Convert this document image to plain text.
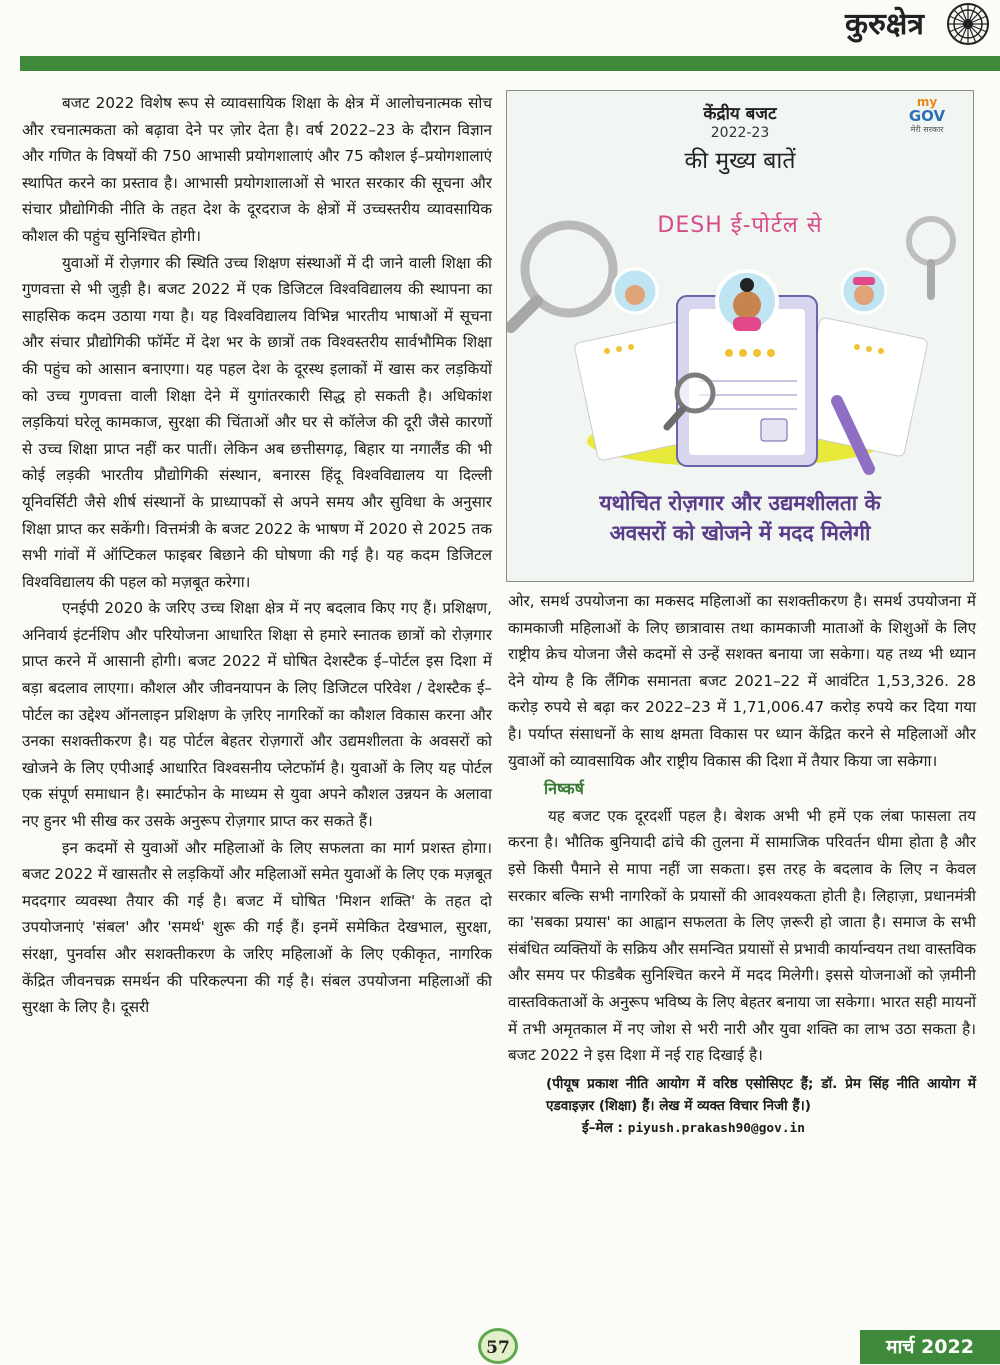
कुरुक्षेत्र

बजट 2022 विशेष रूप से व्यावसायिक शिक्षा के क्षेत्र में आलोचनात्मक सोच और रचनात्मकता को बढ़ावा देने पर ज़ोर देता है। वर्ष 2022–23 के दौरान विज्ञान और गणित के विषयों की 750 आभासी प्रयोगशालाएं और 75 कौशल ई–प्रयोगशालाएं स्थापित करने का प्रस्ताव है। आभासी प्रयोगशालाओं से भारत सरकार की सूचना और संचार प्रौद्योगिकी नीति के तहत देश के दूरदराज के क्षेत्रों में उच्चस्तरीय व्यावसायिक कौशल की पहुंच सुनिश्चित होगी।

युवाओं में रोज़गार की स्थिति उच्च शिक्षण संस्थाओं में दी जाने वाली शिक्षा की गुणवत्ता से भी जुड़ी है। बजट 2022 में एक डिजिटल विश्वविद्यालय की स्थापना का साहसिक कदम उठाया गया है। यह विश्वविद्यालय विभिन्न भारतीय भाषाओं में सूचना और संचार प्रौद्योगिकी फॉर्मेट में देश भर के छात्रों तक विश्वस्तरीय सार्वभौमिक शिक्षा की पहुंच को आसान बनाएगा। यह पहल देश के दूरस्थ इलाकों में खास कर लड़कियों को उच्च गुणवत्ता वाली शिक्षा देने में युगांतरकारी सिद्ध हो सकती है। अधिकांश लड़कियां घरेलू कामकाज, सुरक्षा की चिंताओं और घर से कॉलेज की दूरी जैसे कारणों से उच्च शिक्षा प्राप्त नहीं कर पातीं। लेकिन अब छत्तीसगढ़, बिहार या नगालैंड की भी कोई लड़की भारतीय प्रौद्योगिकी संस्थान, बनारस हिंदू विश्वविद्यालय या दिल्ली यूनिवर्सिटी जैसे शीर्ष संस्थानों के प्राध्यापकों से अपने समय और सुविधा के अनुसार शिक्षा प्राप्त कर सकेंगी। वित्तमंत्री के बजट 2022 के भाषण में 2020 से 2025 तक सभी गांवों में ऑप्टिकल फाइबर बिछाने की घोषणा की गई है। यह कदम डिजिटल विश्वविद्यालय की पहल को मज़बूत करेगा।

एनईपी 2020 के जरिए उच्च शिक्षा क्षेत्र में नए बदलाव किए गए हैं। प्रशिक्षण, अनिवार्य इंटर्नशिप और परियोजना आधारित शिक्षा से हमारे स्नातक छात्रों को रोज़गार प्राप्त करने में आसानी होगी। बजट 2022 में घोषित देशस्टैक ई–पोर्टल इस दिशा में बड़ा बदलाव लाएगा। कौशल और जीवनयापन के लिए डिजिटल परिवेश / देशस्टैक ई–पोर्टल का उद्देश्य ऑनलाइन प्रशिक्षण के ज़रिए नागरिकों का कौशल विकास करना और उनका सशक्तीकरण है। यह पोर्टल बेहतर रोज़गारों और उद्यमशीलता के अवसरों को खोजने के लिए एपीआई आधारित विश्वसनीय प्लेटफॉर्म है। युवाओं के लिए यह पोर्टल एक संपूर्ण समाधान है। स्मार्टफोन के माध्यम से युवा अपने कौशल उन्नयन के अलावा नए हुनर भी सीख कर उसके अनुरूप रोज़गार प्राप्त कर सकते हैं।

इन कदमों से युवाओं और महिलाओं के लिए सफलता का मार्ग प्रशस्त होगा। बजट 2022 में खासतौर से लड़कियों और महिलाओं समेत युवाओं के लिए एक मज़बूत मददगार व्यवस्था तैयार की गई है। बजट में घोषित 'मिशन शक्ति' के तहत दो उपयोजनाएं 'संबल' और 'समर्थ' शुरू की गई हैं। इनमें समेकित देखभाल, सुरक्षा, संरक्षा, पुनर्वास और सशक्तीकरण के जरिए महिलाओं के लिए एकीकृत, नागरिक केंद्रित जीवनचक्र समर्थन की परिकल्पना की गई है। संबल उपयोजना महिलाओं की सुरक्षा के लिए है। दूसरी

my
GOV
मेरी सरकार
केंद्रीय बजट
2022-23
की मुख्य बातें
DESH ई-पोर्टल से
यथोचित रोज़गार और उद्यमशीलता के
अवसरों को खोजने में मदद मिलेगी

ओर, समर्थ उपयोजना का मकसद महिलाओं का सशक्तीकरण है। समर्थ उपयोजना में कामकाजी महिलाओं के लिए छात्रावास तथा कामकाजी माताओं के शिशुओं के लिए राष्ट्रीय क्रेच योजना जैसे कदमों से उन्हें सशक्त बनाया जा सकेगा। यह तथ्य भी ध्यान देने योग्य है कि लैंगिक समानता बजट 2021–22 में आवंटित 1,53,326. 28 करोड़ रुपये से बढ़ा कर 2022–23 में 1,71,006.47 करोड़ रुपये कर दिया गया है। पर्याप्त संसाधनों के साथ क्षमता विकास पर ध्यान केंद्रित करने से महिलाओं और युवाओं को व्यावसायिक और राष्ट्रीय विकास की दिशा में तैयार किया जा सकेगा।

निष्कर्ष

यह बजट एक दूरदर्शी पहल है। बेशक अभी भी हमें एक लंबा फासला तय करना है। भौतिक बुनियादी ढांचे की तुलना में सामाजिक परिवर्तन धीमा होता है और इसे किसी पैमाने से मापा नहीं जा सकता। इस तरह के बदलाव के लिए न केवल सरकार बल्कि सभी नागरिकों के प्रयासों की आवश्यकता होती है। लिहाज़ा, प्रधानमंत्री का 'सबका प्रयास' का आह्वान सफलता के लिए ज़रूरी हो जाता है। समाज के सभी संबंधित व्यक्तियों के सक्रिय और समन्वित प्रयासों से प्रभावी कार्यान्वयन तथा वास्तविक और समय पर फीडबैक सुनिश्चित करने में मदद मिलेगी। इससे योजनाओं को ज़मीनी वास्तविकताओं के अनुरूप भविष्य के लिए बेहतर बनाया जा सकेगा। भारत सही मायनों में तभी अमृतकाल में नए जोश से भरी नारी और युवा शक्ति का लाभ उठा सकता है। बजट 2022 ने इस दिशा में नई राह दिखाई है।

(पीयूष प्रकाश नीति आयोग में वरिष्ठ एसोसिएट हैं; डॉ. प्रेम सिंह नीति आयोग में एडवाइज़र (शिक्षा) हैं। लेख में व्यक्त विचार निजी हैं।)
ई–मेल : piyush.prakash90@gov.in
57	मार्च 2022
